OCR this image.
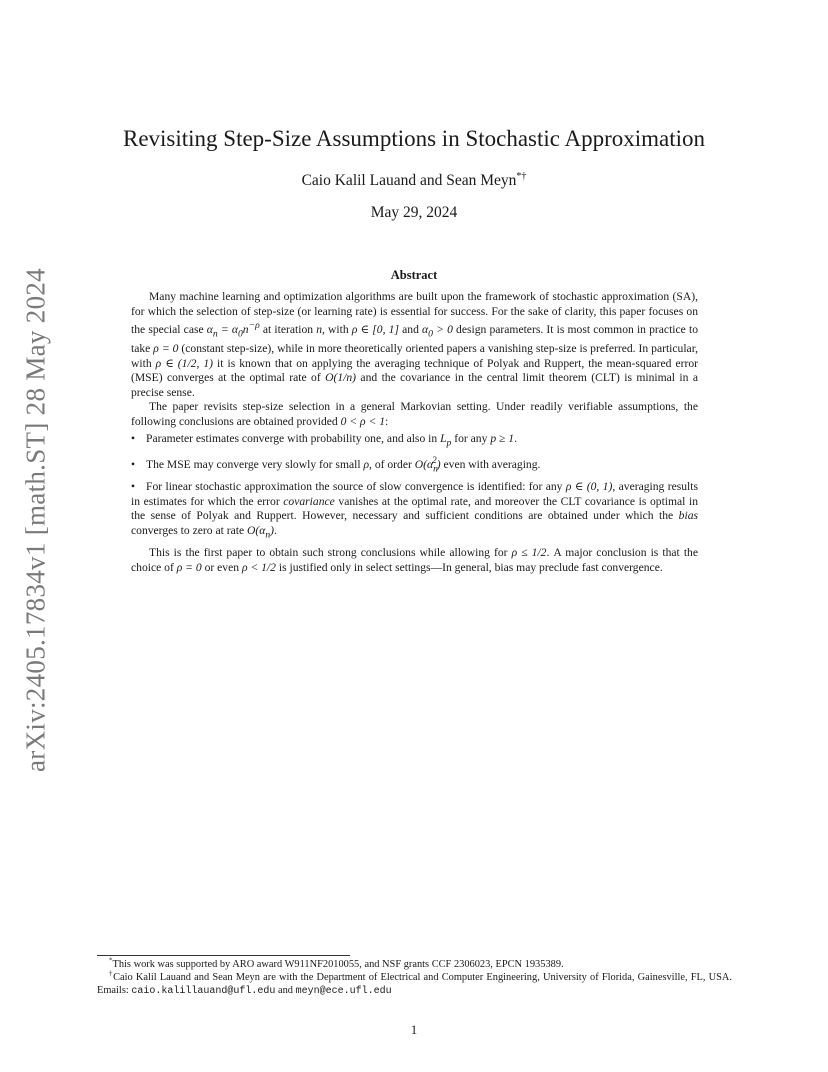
arXiv:2405.17834v1 [math.ST] 28 May 2024
Revisiting Step-Size Assumptions in Stochastic Approximation
Caio Kalil Lauand and Sean Meyn*†
May 29, 2024
Abstract

Many machine learning and optimization algorithms are built upon the framework of stochastic approximation (SA), for which the selection of step-size (or learning rate) is essential for success. For the sake of clarity, this paper focuses on the special case $\alpha_n = \alpha_0n^{-\rho}$ at iteration n, with ρ ∈ [0, 1] and $\alpha_0 > 0$ design parameters. It is most common in practice to take ρ = 0 (constant step-size), while in more theoretically oriented papers a vanishing step-size is preferred. In particular, with ρ ∈ (1/2, 1) it is known that on applying the averaging technique of Polyak and Ruppert, the mean-squared error (MSE) converges at the optimal rate of O(1/n) and the covariance in the central limit theorem (CLT) is minimal in a precise sense.

The paper revisits step-size selection in a general Markovian setting. Under readily verifiable assumptions, the following conclusions are obtained provided 0 < ρ < 1:

• Parameter estimates converge with probability one, and also in $L_p$ for any p ≥ 1.
• The MSE may converge very slowly for small ρ, of order $O(\alpha_n^2)$ even with averaging.
• For linear stochastic approximation the source of slow convergence is identified: for any ρ ∈ (0, 1), averaging results in estimates for which the error covariance vanishes at the optimal rate, and moreover the CLT covariance is optimal in the sense of Polyak and Ruppert. However, necessary and sufficient conditions are obtained under which the bias converges to zero at rate $O(\alpha_n)$.

This is the first paper to obtain such strong conclusions while allowing for ρ ≤ 1/2. A major conclusion is that the choice of ρ = 0 or even ρ < 1/2 is justified only in select settings—In general, bias may preclude fast convergence.

*This work was supported by ARO award W911NF2010055, and NSF grants CCF 2306023, EPCN 1935389.

†Caio Kalil Lauand and Sean Meyn are with the Department of Electrical and Computer Engineering, University of Florida, Gainesville, FL, USA. Emails: caio.kalillauand@ufl.edu and meyn@ece.ufl.edu

1
